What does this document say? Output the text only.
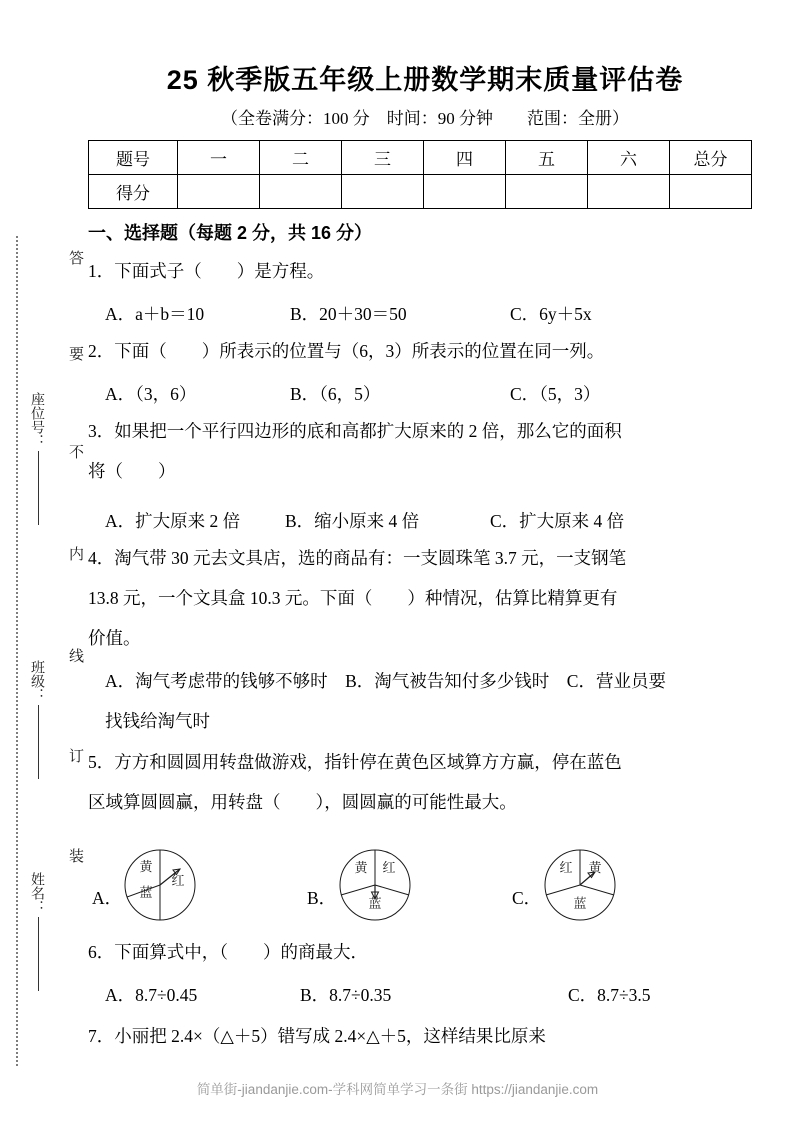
座位号：
班级：
姓名：
答
要
不
内
线
订
装
25 秋季版五年级上册数学期末质量评估卷
（全卷满分：100 分　时间：90 分钟　　范围：全册）
题号	一	二	三	四	五	六	总分
得分							
一、选择题（每题 2 分，共 16 分）
1．下面式子（　　）是方程。
A．a＋b＝10	B．20＋30＝50	C．6y＋5x
2．下面（　　）所表示的位置与（6，3）所表示的位置在同一列。
A．（3，6）	B．（6，5）	C．（5，3）
3．如果把一个平行四边形的底和高都扩大原来的 2 倍，那么它的面积
将（　　）
A．扩大原来 2 倍	B．缩小原来 4 倍	C．扩大原来 4 倍
4．淘气带 30 元去文具店，选的商品有：一支圆珠笔 3.7 元，一支钢笔
13.8 元，一个文具盒 10.3 元。下面（　　）种情况，估算比精算更有
价值。
A．淘气考虑带的钱够不够时　B．淘气被告知付多少钱时　C．营业员要
找钱给淘气时
5．方方和圆圆用转盘做游戏，指针停在黄色区域算方方赢，停在蓝色
区域算圆圆赢，用转盘（　　），圆圆赢的可能性最大。
A．
黄
蓝
红
B．
黄 红
蓝	C．
红 黄
蓝
6．下面算式中，（　　）的商最大．
A．8.7÷0.45	B．8.7÷0.35	C．8.7÷3.5
7．小丽把 2.4×（△＋5）错写成 2.4×△＋5，这样结果比原来
简单街-jiandanjie.com-学科网简单学习一条街 https://jiandanjie.com
